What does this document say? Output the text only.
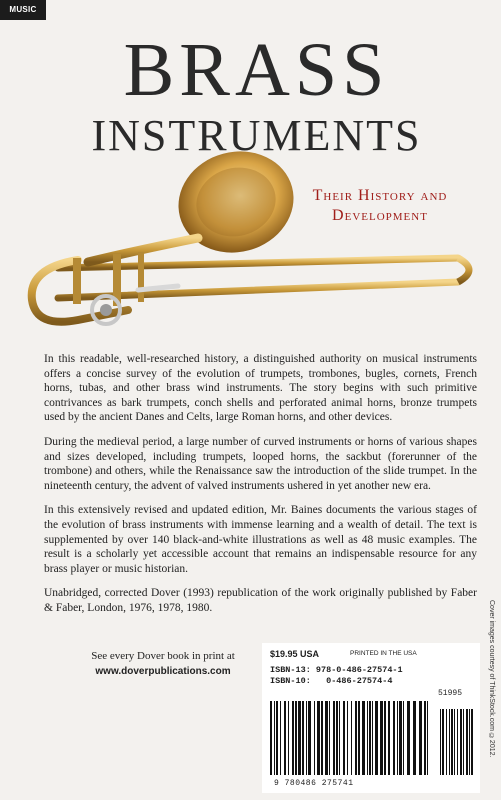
MUSIC
BRASS
INSTRUMENTS
Their History and
Development

In this readable, well-researched history, a distinguished authority on musical instruments offers a concise survey of the evolution of trumpets, trombones, bugles, cornets, French horns, tubas, and other brass wind instruments. The story begins with such primitive contrivances as bark trumpets, conch shells and perforated animal horns, bronze trumpets used by the ancient Danes and Celts, large Roman horns, and other devices.

During the medieval period, a large number of curved instruments or horns of various shapes and sizes developed, including trumpets, looped horns, the sackbut (forerunner of the trombone) and others, while the Renaissance saw the introduction of the slide trumpet. In the nineteenth century, the advent of valved instruments ushered in yet another new era.

In this extensively revised and updated edition, Mr. Baines documents the various stages of the evolution of brass instruments with immense learning and a wealth of detail. The text is supplemented by over 140 black-and-white illustrations as well as 48 music examples. The result is a scholarly yet accessible account that remains an indispensable resource for any brass player or music historian.

Unabridged, corrected Dover (1993) republication of the work originally published by Faber & Faber, London, 1976, 1978, 1980.	Cover images courtesy of ThinkStock.com ©2012.
See every Dover book in print at
www.doverpublications.com
$19.95 USA	PRINTED IN THE USA
ISBN-13: 978-0-486-27574-1
ISBN-10:   0-486-27574-4
51995
9 780486 275741
